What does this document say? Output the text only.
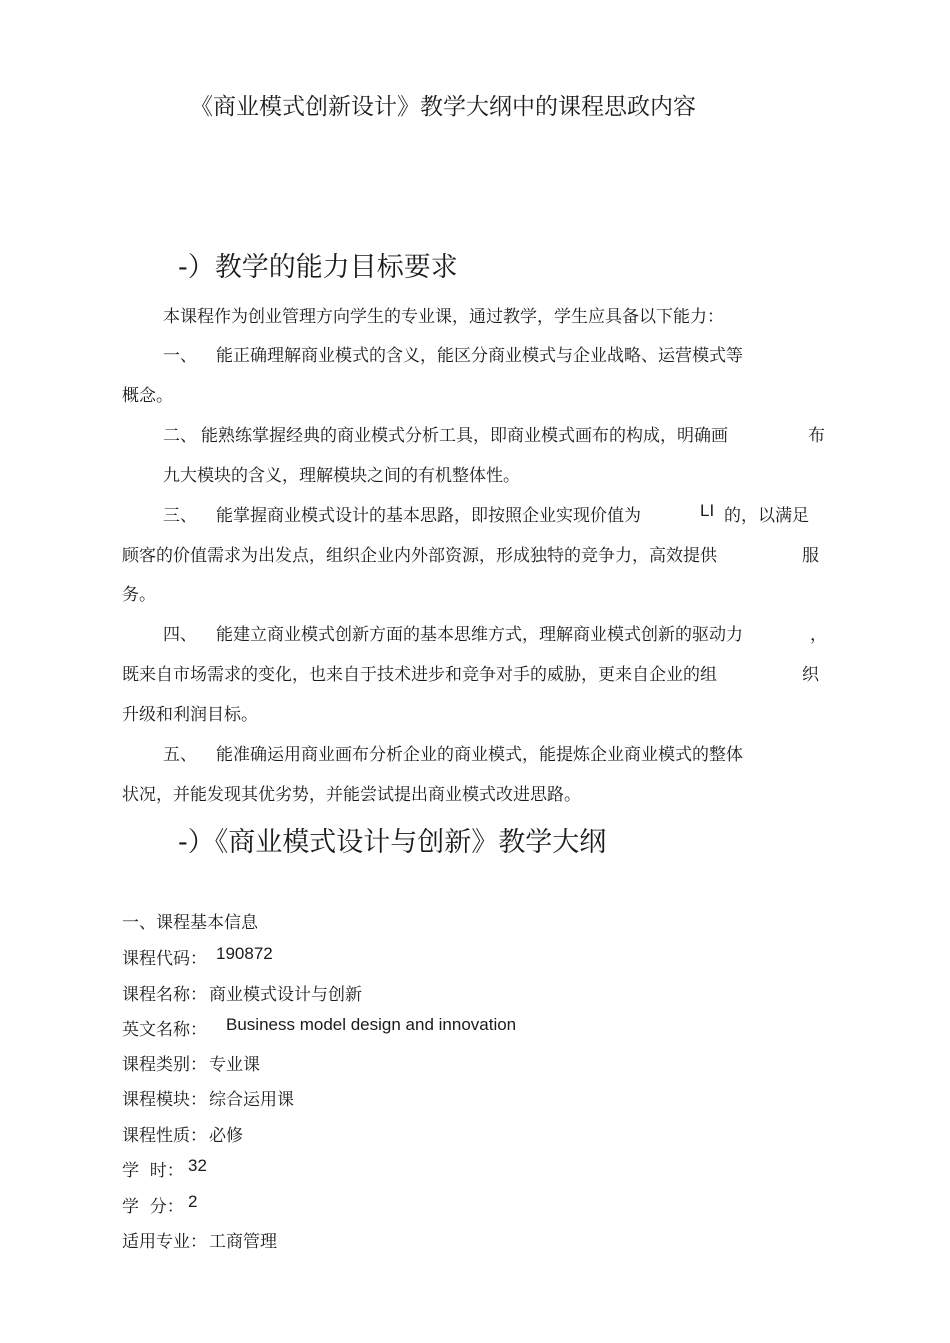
《商业模式创新设计》教学大纲中的课程思政内容
-）教学的能力目标要求
本课程作为创业管理方向学生的专业课，通过教学，学生应具备以下能力：
一、 能正确理解商业模式的含义，能区分商业模式与企业战略、运营模式等
概念。
二、 能熟练掌握经典的商业模式分析工具，即商业模式画布的构成，明确画	布
九大模块的含义，理解模块之间的有机整体性。
三、 能掌握商业模式设计的基本思路，即按照企业实现价值为	LI 的，以满足
顾客的价值需求为出发点，组织企业内外部资源，形成独特的竞争力，高效提供	服
务。
四、 能建立商业模式创新方面的基本思维方式，理解商业模式创新的驱动力	，
既来自市场需求的变化，也来自于技术进步和竞争对手的威胁，更来自企业的组	织
升级和利润目标。
五、 能准确运用商业画布分析企业的商业模式，能提炼企业商业模式的整体
状况，并能发现其优劣势，并能尝试提出商业模式改进思路。
-）《商业模式设计与创新》教学大纲
一、课程基本信息
课程代码： 190872
课程名称： 商业模式设计与创新
英文名称： Business model design and innovation
课程类别： 专业课
课程模块： 综合运用课
课程性质： 必修
学  时： 32
学  分： 2
适用专业： 工商管理
